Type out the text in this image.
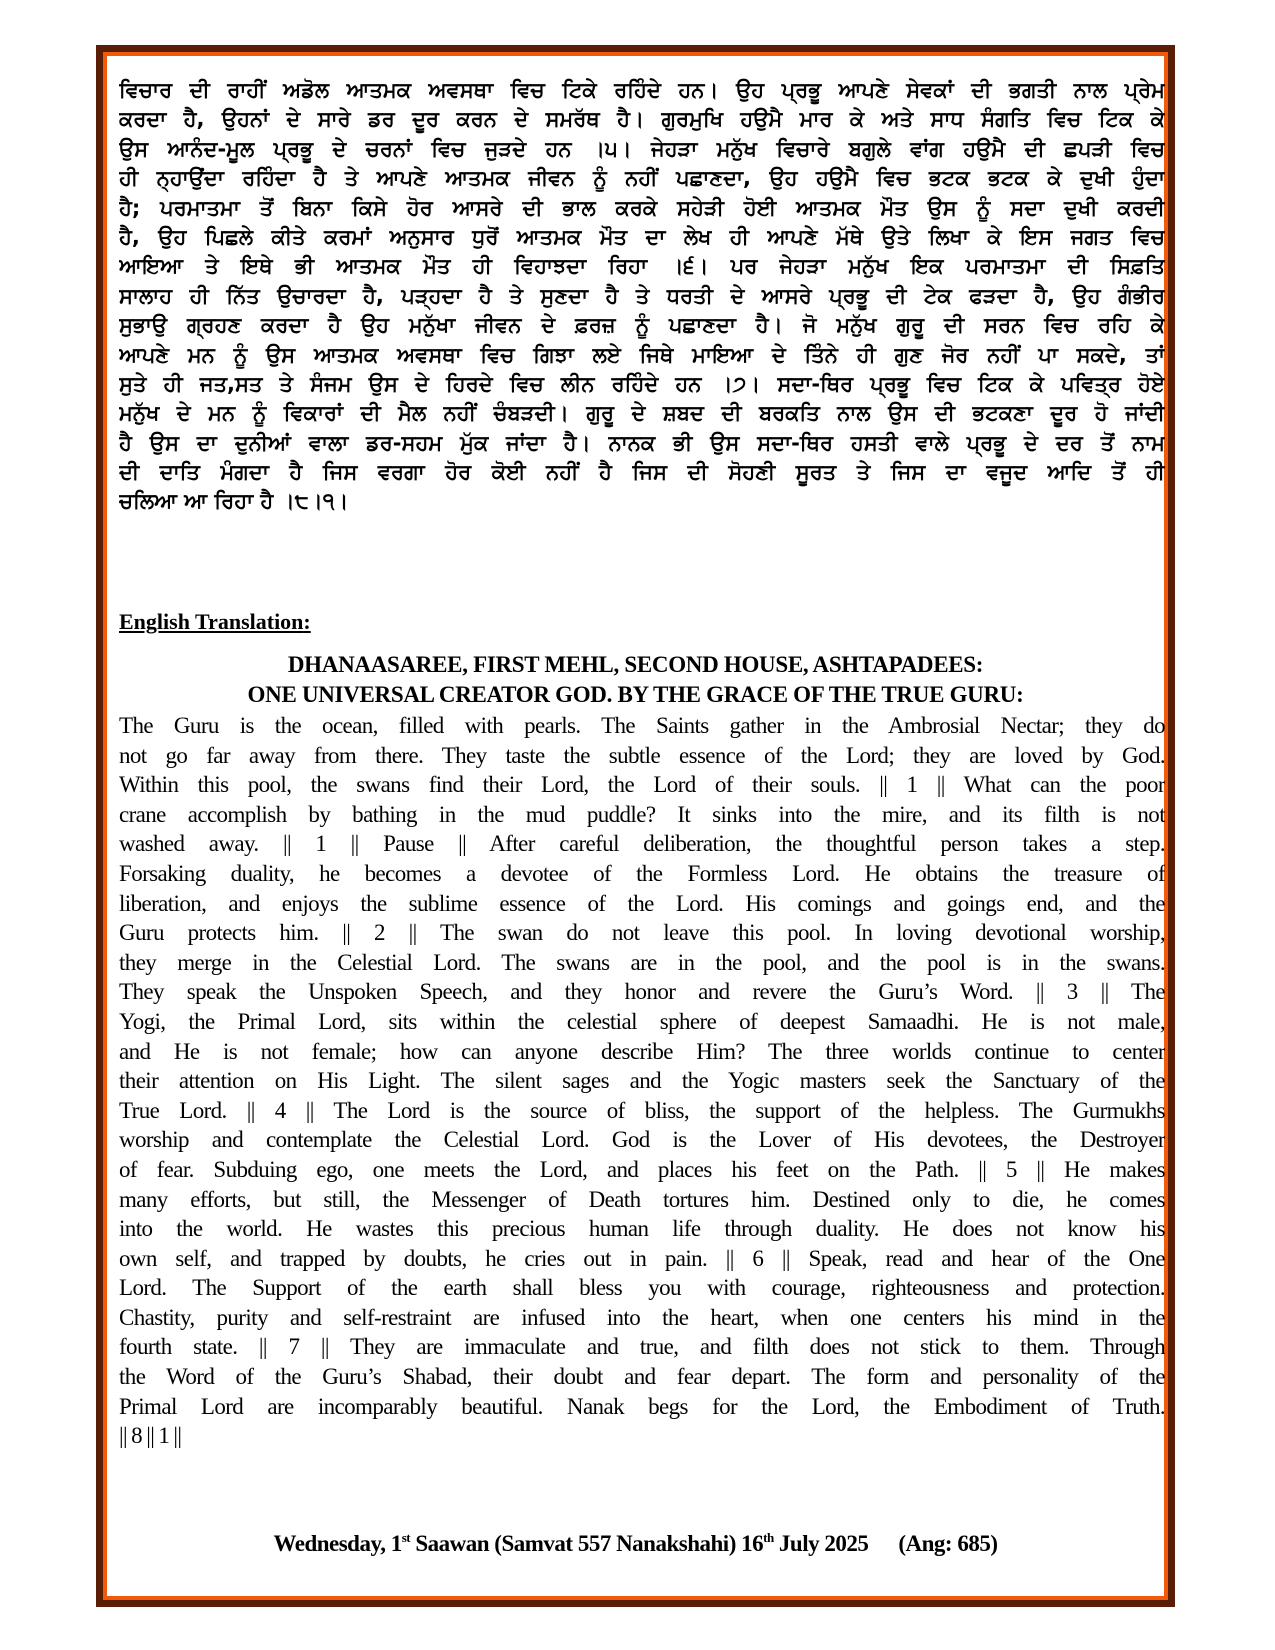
ਵਿਚਾਰ ਦੀ ਰਾਹੀਂ ਅਡੋਲ ਆਤਮਕ ਅਵਸਥਾ ਵਿਚ ਟਿਕੇ ਰਹਿੰਦੇ ਹਨ। ਉਹ ਪ੍ਰਭੂ ਆਪਣੇ ਸੇਵਕਾਂ ਦੀ ਭਗਤੀ ਨਾਲ ਪ੍ਰੇਮ
ਕਰਦਾ ਹੈ, ਉਹਨਾਂ ਦੇ ਸਾਰੇ ਡਰ ਦੂਰ ਕਰਨ ਦੇ ਸਮਰੱਥ ਹੈ। ਗੁਰਮੁਖਿ ਹਉਮੈ ਮਾਰ ਕੇ ਅਤੇ ਸਾਧ ਸੰਗਤਿ ਵਿਚ ਟਿਕ ਕੇ
ਉਸ ਆਨੰਦ-ਮੂਲ ਪ੍ਰਭੂ ਦੇ ਚਰਨਾਂ ਵਿਚ ਜੁੜਦੇ ਹਨ ।੫। ਜੇਹੜਾ ਮਨੁੱਖ ਵਿਚਾਰੇ ਬਗੁਲੇ ਵਾਂਗ ਹਉਮੈ ਦੀ ਛਪੜੀ ਵਿਚ
ਹੀ ਨ੍ਹਾਉਂਦਾ ਰਹਿੰਦਾ ਹੈ ਤੇ ਆਪਣੇ ਆਤਮਕ ਜੀਵਨ ਨੂੰ ਨਹੀਂ ਪਛਾਣਦਾ, ਉਹ ਹਉਮੈ ਵਿਚ ਭਟਕ ਭਟਕ ਕੇ ਦੁਖੀ ਹੁੰਦਾ
ਹੈ; ਪਰਮਾਤਮਾ ਤੋਂ ਬਿਨਾ ਕਿਸੇ ਹੋਰ ਆਸਰੇ ਦੀ ਭਾਲ ਕਰਕੇ ਸਹੇੜੀ ਹੋਈ ਆਤਮਕ ਮੌਤ ਉਸ ਨੂੰ ਸਦਾ ਦੁਖੀ ਕਰਦੀ
ਹੈ, ਉਹ ਪਿਛਲੇ ਕੀਤੇ ਕਰਮਾਂ ਅਨੁਸਾਰ ਧੁਰੋਂ ਆਤਮਕ ਮੌਤ ਦਾ ਲੇਖ ਹੀ ਆਪਣੇ ਮੱਥੇ ਉਤੇ ਲਿਖਾ ਕੇ ਇਸ ਜਗਤ ਵਿਚ
ਆਇਆ ਤੇ ਇਥੇ ਭੀ ਆਤਮਕ ਮੌਤ ਹੀ ਵਿਹਾਝਦਾ ਰਿਹਾ ।੬। ਪਰ ਜੇਹੜਾ ਮਨੁੱਖ ਇਕ ਪਰਮਾਤਮਾ ਦੀ ਸਿਫ਼ਤਿ
ਸਾਲਾਹ ਹੀ ਨਿੱਤ ਉਚਾਰਦਾ ਹੈ, ਪੜ੍ਹਦਾ ਹੈ ਤੇ ਸੁਣਦਾ ਹੈ ਤੇ ਧਰਤੀ ਦੇ ਆਸਰੇ ਪ੍ਰਭੂ ਦੀ ਟੇਕ ਫੜਦਾ ਹੈ, ਉਹ ਗੰਭੀਰ
ਸੁਭਾਉ ਗ੍ਰਹਣ ਕਰਦਾ ਹੈ ਉਹ ਮਨੁੱਖਾ ਜੀਵਨ ਦੇ ਫ਼ਰਜ਼ ਨੂੰ ਪਛਾਣਦਾ ਹੈ। ਜੋ ਮਨੁੱਖ ਗੁਰੂ ਦੀ ਸਰਨ ਵਿਚ ਰਹਿ ਕੇ
ਆਪਣੇ ਮਨ ਨੂੰ ਉਸ ਆਤਮਕ ਅਵਸਥਾ ਵਿਚ ਗਿਝਾ ਲਏ ਜਿਥੇ ਮਾਇਆ ਦੇ ਤਿੰਨੇ ਹੀ ਗੁਣ ਜੋਰ ਨਹੀਂ ਪਾ ਸਕਦੇ, ਤਾਂ
ਸੁਤੇ ਹੀ ਜਤ,ਸਤ ਤੇ ਸੰਜਮ ਉਸ ਦੇ ਹਿਰਦੇ ਵਿਚ ਲੀਨ ਰਹਿੰਦੇ ਹਨ ।੭। ਸਦਾ-ਥਿਰ ਪ੍ਰਭੂ ਵਿਚ ਟਿਕ ਕੇ ਪਵਿਤ੍ਰ ਹੋਏ
ਮਨੁੱਖ ਦੇ ਮਨ ਨੂੰ ਵਿਕਾਰਾਂ ਦੀ ਮੈਲ ਨਹੀਂ ਚੰਬੜਦੀ। ਗੁਰੂ ਦੇ ਸ਼ਬਦ ਦੀ ਬਰਕਤਿ ਨਾਲ ਉਸ ਦੀ ਭਟਕਣਾ ਦੂਰ ਹੋ ਜਾਂਦੀ
ਹੈ ਉਸ ਦਾ ਦੁਨੀਆਂ ਵਾਲਾ ਡਰ-ਸਹਮ ਮੁੱਕ ਜਾਂਦਾ ਹੈ। ਨਾਨਕ ਭੀ ਉਸ ਸਦਾ-ਥਿਰ ਹਸਤੀ ਵਾਲੇ ਪ੍ਰਭੂ ਦੇ ਦਰ ਤੋਂ ਨਾਮ
ਦੀ ਦਾਤਿ ਮੰਗਦਾ ਹੈ ਜਿਸ ਵਰਗਾ ਹੋਰ ਕੋਈ ਨਹੀਂ ਹੈ ਜਿਸ ਦੀ ਸੋਹਣੀ ਸੂਰਤ ਤੇ ਜਿਸ ਦਾ ਵਜੂਦ ਆਦਿ ਤੋਂ ਹੀ
ਚਲਿਆ ਆ ਰਿਹਾ ਹੈ ।੮।੧।
English Translation:
DHANAASAREE, FIRST MEHL, SECOND HOUSE, ASHTAPADEES:
ONE UNIVERSAL CREATOR GOD. BY THE GRACE OF THE TRUE GURU:
The Guru is the ocean, filled with pearls. The Saints gather in the Ambrosial Nectar; they do
not go far away from there. They taste the subtle essence of the Lord; they are loved by God.
Within this pool, the swans find their Lord, the Lord of their souls. || 1 || What can the poor
crane accomplish by bathing in the mud puddle? It sinks into the mire, and its filth is not
washed away. || 1 || Pause || After careful deliberation, the thoughtful person takes a step.
Forsaking duality, he becomes a devotee of the Formless Lord. He obtains the treasure of
liberation, and enjoys the sublime essence of the Lord. His comings and goings end, and the
Guru protects him. || 2 || The swan do not leave this pool. In loving devotional worship,
they merge in the Celestial Lord. The swans are in the pool, and the pool is in the swans.
They speak the Unspoken Speech, and they honor and revere the Guru’s Word. || 3 || The
Yogi, the Primal Lord, sits within the celestial sphere of deepest Samaadhi. He is not male,
and He is not female; how can anyone describe Him? The three worlds continue to center
their attention on His Light. The silent sages and the Yogic masters seek the Sanctuary of the
True Lord. || 4 || The Lord is the source of bliss, the support of the helpless. The Gurmukhs
worship and contemplate the Celestial Lord. God is the Lover of His devotees, the Destroyer
of fear. Subduing ego, one meets the Lord, and places his feet on the Path. || 5 || He makes
many efforts, but still, the Messenger of Death tortures him. Destined only to die, he comes
into the world. He wastes this precious human life through duality. He does not know his
own self, and trapped by doubts, he cries out in pain. || 6 || Speak, read and hear of the One
Lord. The Support of the earth shall bless you with courage, righteousness and protection.
Chastity, purity and self-restraint are infused into the heart, when one centers his mind in the
fourth state. || 7 || They are immaculate and true, and filth does not stick to them. Through
the Word of the Guru’s Shabad, their doubt and fear depart. The form and personality of the
Primal Lord are incomparably beautiful. Nanak begs for the Lord, the Embodiment of Truth.
|| 8 || 1 ||
Wednesday, 1st Saawan (Samvat 557 Nanakshahi) 16th July 2025 (Ang: 685)
